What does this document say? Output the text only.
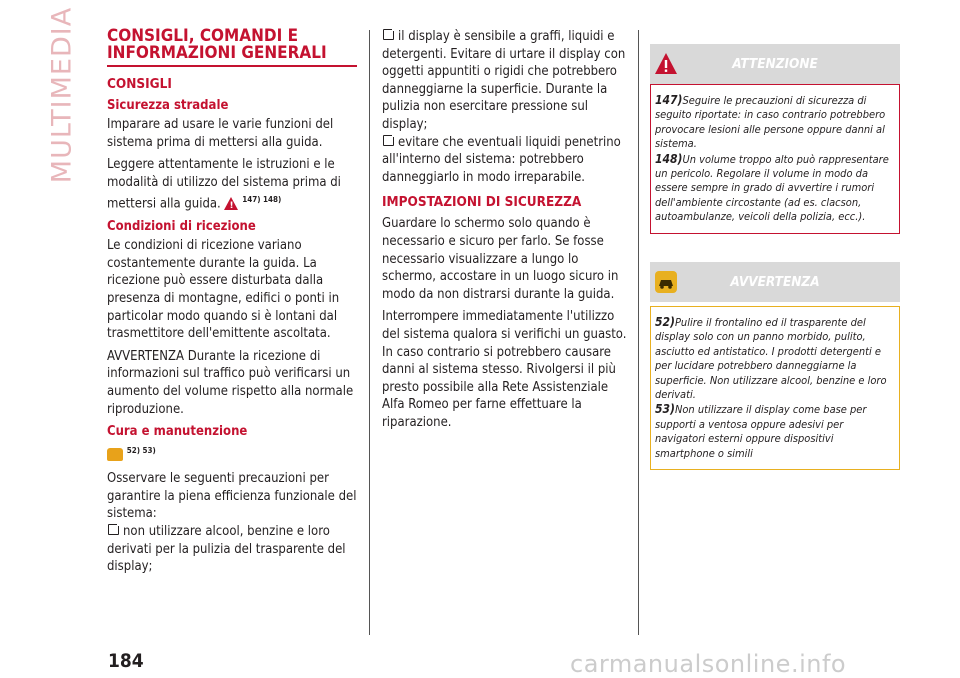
MULTIMEDIA CONSIGLI, COMANDI E INFORMAZIONI GENERALI
CONSIGLI
Sicurezza stradale

Imparare ad usare le varie funzioni del sistema prima di mettersi alla guida.

Leggere attentamente le istruzioni e le modalità di utilizzo del sistema prima di mettersi alla guida. !	$^{147) 148)}$

Condizioni di ricezione

Le condizioni di ricezione variano costantemente durante la guida. La ricezione può essere disturbata dalla presenza di montagne, edifici o ponti in particolar modo quando si è lontani dal trasmettitore dell'emittente ascoltata.

AVVERTENZA Durante la ricezione di informazioni sul traffico può verificarsi un aumento del volume rispetto alla normale riproduzione.

Cura e manutenzione

$^{52) 53)}$

Osservare le seguenti precauzioni per garantire la piena efficienza funzionale del sistema:

non utilizzare alcool, benzine e loro derivati per la pulizia del trasparente del display;

il display è sensibile a graffi, liquidi e detergenti. Evitare di urtare il display con oggetti appuntiti o rigidi che potrebbero danneggiarne la superficie. Durante la pulizia non esercitare pressione sul display;

evitare che eventuali liquidi penetrino all'interno del sistema: potrebbero danneggiarlo in modo irreparabile.

IMPOSTAZIONI DI SICUREZZA

Guardare lo schermo solo quando è necessario e sicuro per farlo. Se fosse necessario visualizzare a lungo lo schermo, accostare in un luogo sicuro in modo da non distrarsi durante la guida.

Interrompere immediatamente l'utilizzo del sistema qualora si verifichi un guasto. In caso contrario si potrebbero causare danni al sistema stesso. Rivolgersi il più presto possibile alla Rete Assistenziale Alfa Romeo per farne effettuare la riparazione.

ATTENZIONE
147)Seguire le precauzioni di sicurezza di seguito riportate: in caso contrario potrebbero provocare lesioni alle persone oppure danni al sistema.
148)Un volume troppo alto può rappresentare un pericolo. Regolare il volume in modo da essere sempre in grado di avvertire i rumori dell'ambiente circostante (ad es. clacson, autoambulanze, veicoli della polizia, ecc.).
AVVERTENZA
52)Pulire il frontalino ed il trasparente del display solo con un panno morbido, pulito, asciutto ed antistatico. I prodotti detergenti e per lucidare potrebbero danneggiarne la superficie. Non utilizzare alcool, benzine e loro derivati.
53)Non utilizzare il display come base per supporti a ventosa oppure adesivi per navigatori esterni oppure dispositivi smartphone o simili
184	carmanualsonline.info
